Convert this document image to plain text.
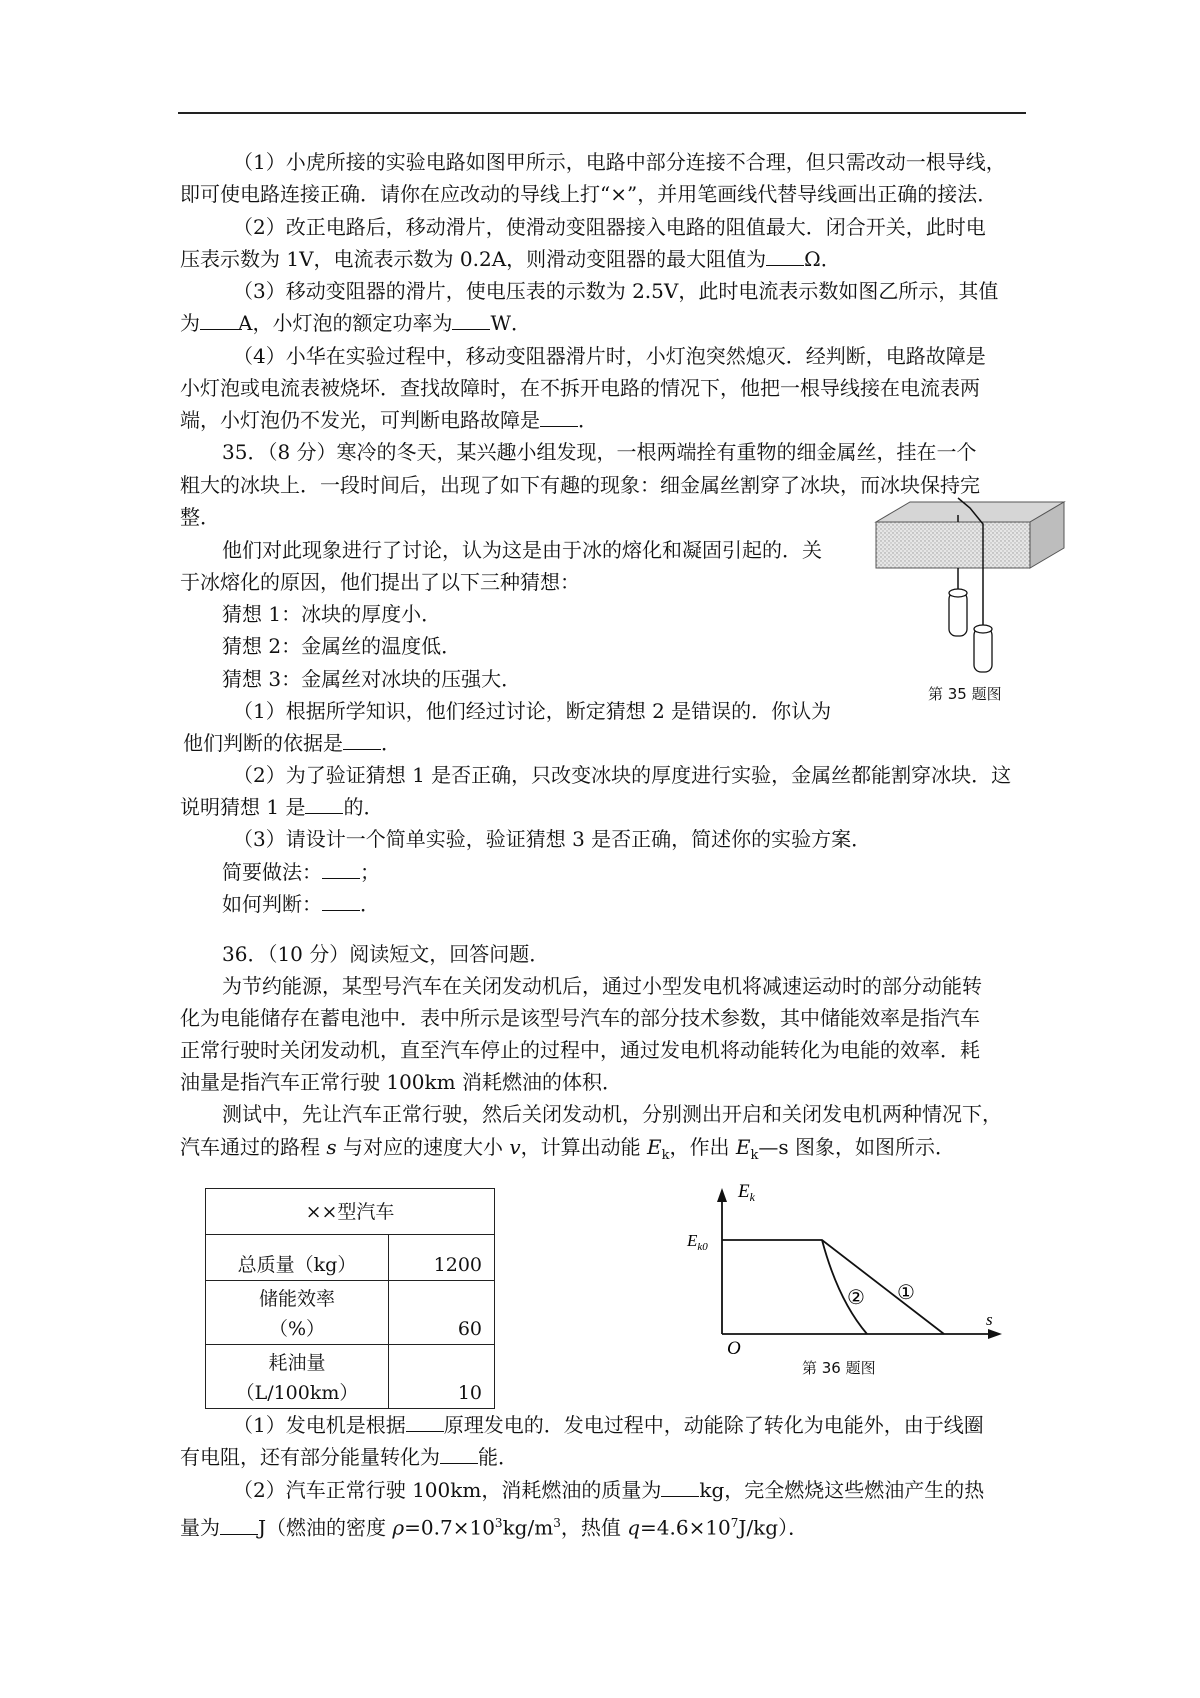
（1）小虎所接的实验电路如图甲所示，电路中部分连接不合理，但只需改动一根导线，
即可使电路连接正确．请你在应改动的导线上打“×”，并用笔画线代替导线画出正确的接法．
（2）改正电路后，移动滑片，使滑动变阻器接入电路的阻值最大．闭合开关，此时电
压表示数为 1V，电流表示数为 0.2A，则滑动变阻器的最大阻值为 Ω．
（3）移动变阻器的滑片，使电压表的示数为 2.5V，此时电流表示数如图乙所示，其值
为 A，小灯泡的额定功率为 W．
（4）小华在实验过程中，移动变阻器滑片时，小灯泡突然熄灭．经判断，电路故障是
小灯泡或电流表被烧坏．查找故障时，在不拆开电路的情况下，他把一根导线接在电流表两
端，小灯泡仍不发光，可判断电路故障是 ．
35．（8 分）寒冷的冬天，某兴趣小组发现，一根两端拴有重物的细金属丝，挂在一个
粗大的冰块上．一段时间后，出现了如下有趣的现象：细金属丝割穿了冰块，而冰块保持完
整．
他们对此现象进行了讨论，认为这是由于冰的熔化和凝固引起的．关
于冰熔化的原因，他们提出了以下三种猜想：
猜想 1：冰块的厚度小．
猜想 2：金属丝的温度低．
猜想 3：金属丝对冰块的压强大．
（1）根据所学知识，他们经过讨论，断定猜想 2 是错误的．你认为
他们判断的依据是 ．
（2）为了验证猜想 1 是否正确，只改变冰块的厚度进行实验，金属丝都能割穿冰块．这
说明猜想 1 是 的．
（3）请设计一个简单实验，验证猜想 3 是否正确，简述你的实验方案．
简要做法： ；
如何判断： ．
第 35 题图
36．（10 分）阅读短文，回答问题．
为节约能源，某型号汽车在关闭发动机后，通过小型发电机将减速运动时的部分动能转
化为电能储存在蓄电池中．表中所示是该型号汽车的部分技术参数，其中储能效率是指汽车
正常行驶时关闭发动机，直至汽车停止的过程中，通过发电机将动能转化为电能的效率．耗
油量是指汽车正常行驶 100km 消耗燃油的体积．
测试中，先让汽车正常行驶，然后关闭发动机，分别测出开启和关闭发电机两种情况下，
汽车通过的路程 s 与对应的速度大小 v，计算出动能 $E_k$，作出 $E_k—s$ 图象，如图所示．
××型汽车	
总质量（kg）	1200

储能效率
（%）	60

耗油量
（L/100km）	10
$E_k$
$E_{k0}$
s
O
①
②
第 36 题图
（1）发电机是根据 原理发电的．发电过程中，动能除了转化为电能外，由于线圈
有电阻，还有部分能量转化为 能．
（2）汽车正常行驶 100km，消耗燃油的质量为 kg，完全燃烧这些燃油产生的热
量为 J（燃油的密度 $\rho=0.7\times 10^3kg/m^3$，热值 $q=4.6\times 10^7J/kg$）．
